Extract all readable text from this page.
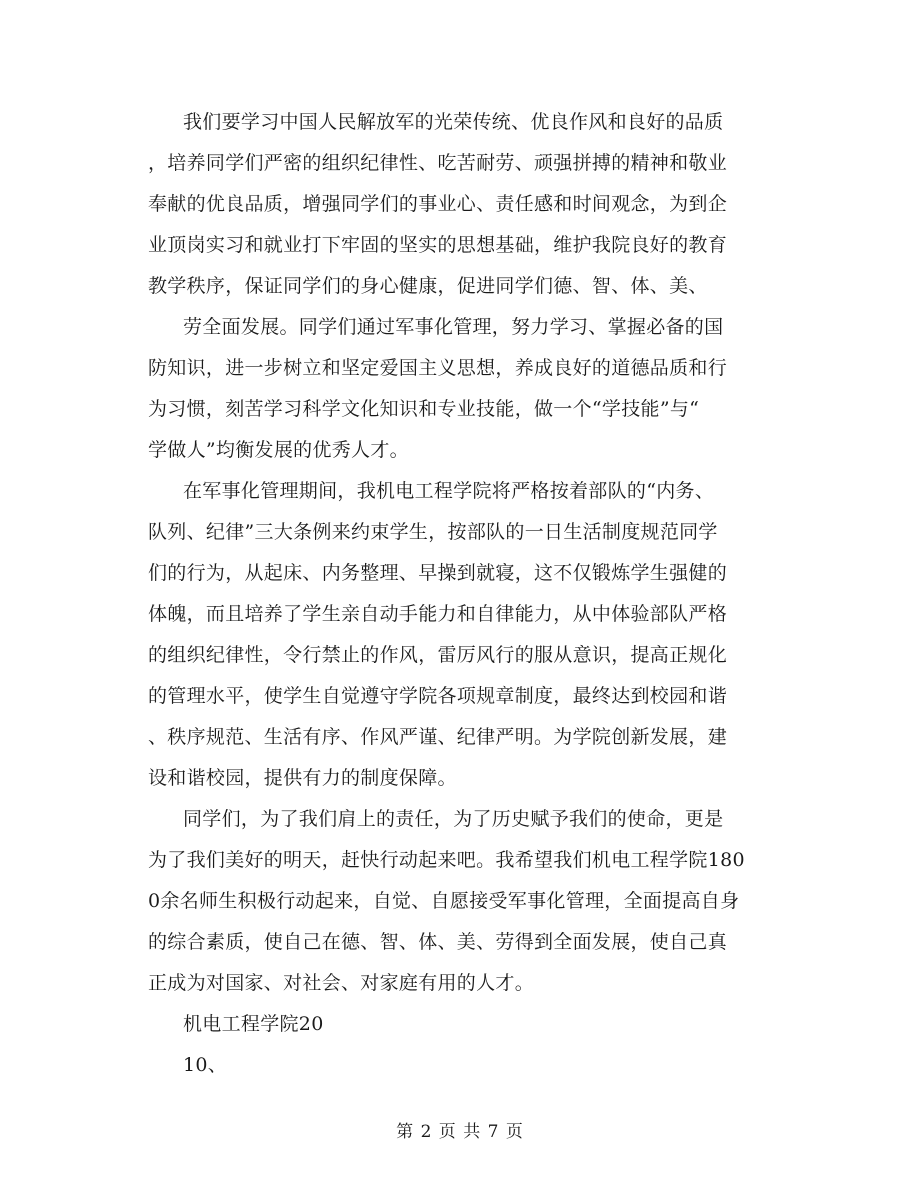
我们要学习中国人民解放军的光荣传统、优良作风和良好的品质
，培养同学们严密的组织纪律性、吃苦耐劳、顽强拼搏的精神和敬业
奉献的优良品质，增强同学们的事业心、责任感和时间观念，为到企
业顶岗实习和就业打下牢固的坚实的思想基础，维护我院良好的教育
教学秩序，保证同学们的身心健康，促进同学们德、智、体、美、
劳全面发展。同学们通过军事化管理，努力学习、掌握必备的国
防知识，进一步树立和坚定爱国主义思想，养成良好的道德品质和行
为习惯，刻苦学习科学文化知识和专业技能，做一个“学技能”与“
学做人”均衡发展的优秀人才。
在军事化管理期间，我机电工程学院将严格按着部队的“内务、
队列、纪律”三大条例来约束学生，按部队的一日生活制度规范同学
们的行为，从起床、内务整理、早操到就寝，这不仅锻炼学生强健的
体魄，而且培养了学生亲自动手能力和自律能力，从中体验部队严格
的组织纪律性，令行禁止的作风，雷厉风行的服从意识，提高正规化
的管理水平，使学生自觉遵守学院各项规章制度，最终达到校园和谐
、秩序规范、生活有序、作风严谨、纪律严明。为学院创新发展，建
设和谐校园，提供有力的制度保障。
同学们，为了我们肩上的责任，为了历史赋予我们的使命，更是
为了我们美好的明天，赶快行动起来吧。我希望我们机电工程学院180
0余名师生积极行动起来，自觉、自愿接受军事化管理，全面提高自身
的综合素质，使自己在德、智、体、美、劳得到全面发展，使自己真
正成为对国家、对社会、对家庭有用的人才。
机电工程学院20
10、
第 2 页 共 7 页
